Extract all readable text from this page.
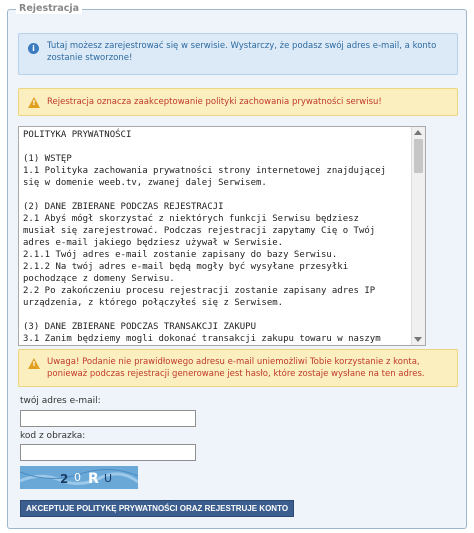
Rejestracja
i	Tutaj możesz zarejestrować się w serwisie. Wystarczy, że podasz swój adres e-mail, a konto zostanie stworzone!
! Rejestracja oznacza zaakceptowanie polityki zachowania prywatności serwisu!
POLITYKA PRYWATNOŚCI

(1) WSTĘP
1.1 Polityka zachowania prywatności strony internetowej znajdującej
się w domenie weeb.tv, zwanej dalej Serwisem.

(2) DANE ZBIERANE PODCZAS REJESTRACJI
2.1 Abyś mógł skorzystać z niektórych funkcji Serwisu będziesz
musiał się zarejestrować. Podczas rejestracji zapytamy Cię o Twój
adres e-mail jakiego będziesz używał w Serwisie.
2.1.1 Twój adres e-mail zostanie zapisany do bazy Serwisu.
2.1.2 Na twój adres e-mail będą mogły być wysyłane przesyłki
pochodzące z domeny Serwisu.
2.2 Po zakończeniu procesu rejestracji zostanie zapisany adres IP
urządzenia, z którego połączyłeś się z Serwisem.

(3) DANE ZBIERANE PODCZAS TRANSAKCJI ZAKUPU
3.1 Zanim będziemy mogli dokonać transakcji zakupu towaru w naszym
! Uwaga! Podanie nie prawidłowego adresu e-mail uniemożliwi Tobie korzystanie z konta, ponieważ podczas rejestracji generowane jest hasło, które zostaje wysłane na ten adres.
twój adres e-mail:
kod z obrazka:
2 0 R U
AKCEPTUJE POLITYKĘ PRYWATNOŚCI ORAZ REJESTRUJE KONTO
